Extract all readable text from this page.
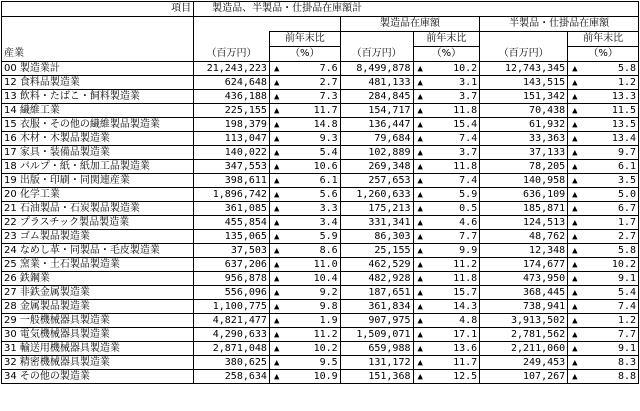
項目	製造品、半製品・仕掛品在庫額計					
			製造品在庫額		半製品・仕掛品在庫額	
		前年末比		前年末比		前年末比
産業	（百万円）	（%）	（百万円）	（%）	（百万円）	（%）
00 製造業計	21,243,223	▲ 7.6	8,499,878	▲ 10.2	12,743,345	▲ 5.8
12 食料品製造業	624,648	▲ 2.7	481,133	▲ 3.1	143,515	▲ 1.2
13 飲料・たばこ・飼料製造業	436,188	▲ 7.3	284,845	▲ 3.7	151,342	▲ 13.3
14 繊維工業	225,155	▲ 11.7	154,717	▲ 11.8	70,438	▲ 11.5
15 衣服・その他の繊維製品製造業	198,379	▲ 14.8	136,447	▲ 15.4	61,932	▲ 13.5
16 木材・木製品製造業	113,047	▲ 9.3	79,684	▲ 7.4	33,363	▲ 13.4
17 家具・装備品製造業	140,022	▲ 5.4	102,889	▲ 3.7	37,133	▲ 9.7
18 パルプ・紙・紙加工品製造業	347,553	▲ 10.6	269,348	▲ 11.8	78,205	▲ 6.1
19 出版・印刷・同関連産業	398,611	▲ 6.1	257,653	▲ 7.4	140,958	▲ 3.5
20 化学工業	1,896,742	▲ 5.6	1,260,633	▲ 5.9	636,109	▲ 5.0
21 石油製品・石炭製品製造業	361,085	▲ 3.3	175,213	▲ 0.5	185,871	▲ 6.7
22 プラスチック製品製造業	455,854	▲ 3.4	331,341	▲ 4.6	124,513	▲ 1.7
23 ゴム製品製造業	135,065	▲ 5.9	86,303	▲ 7.7	48,762	▲ 2.7
24 なめし革・同製品・毛皮製造業	37,503	▲ 8.6	25,155	▲ 9.9	12,348	▲ 5.8
25 窯業・土石製品製造業	637,206	▲ 11.0	462,529	▲ 11.2	174,677	▲ 10.2
26 鉄鋼業	956,878	▲ 10.4	482,928	▲ 11.8	473,950	▲ 9.1
27 非鉄金属製造業	556,096	▲ 9.2	187,651	▲ 15.7	368,445	▲ 5.4
28 金属製品製造業	1,100,775	▲ 9.8	361,834	▲ 14.3	738,941	▲ 7.4
29 一般機械器具製造業	4,821,477	▲ 1.9	907,975	▲ 4.8	3,913,502	▲ 1.2
30 電気機械器具製造業	4,290,633	▲ 11.2	1,509,071	▲ 17.1	2,781,562	▲ 7.7
31 輸送用機械器具製造業	2,871,048	▲ 10.2	659,988	▲ 13.6	2,211,060	▲ 9.1
32 精密機械器具製造業	380,625	▲ 9.5	131,172	▲ 11.7	249,453	▲ 8.3
34 その他の製造業	258,634	▲ 10.9	151,368	▲ 12.5	107,267	▲ 8.8
